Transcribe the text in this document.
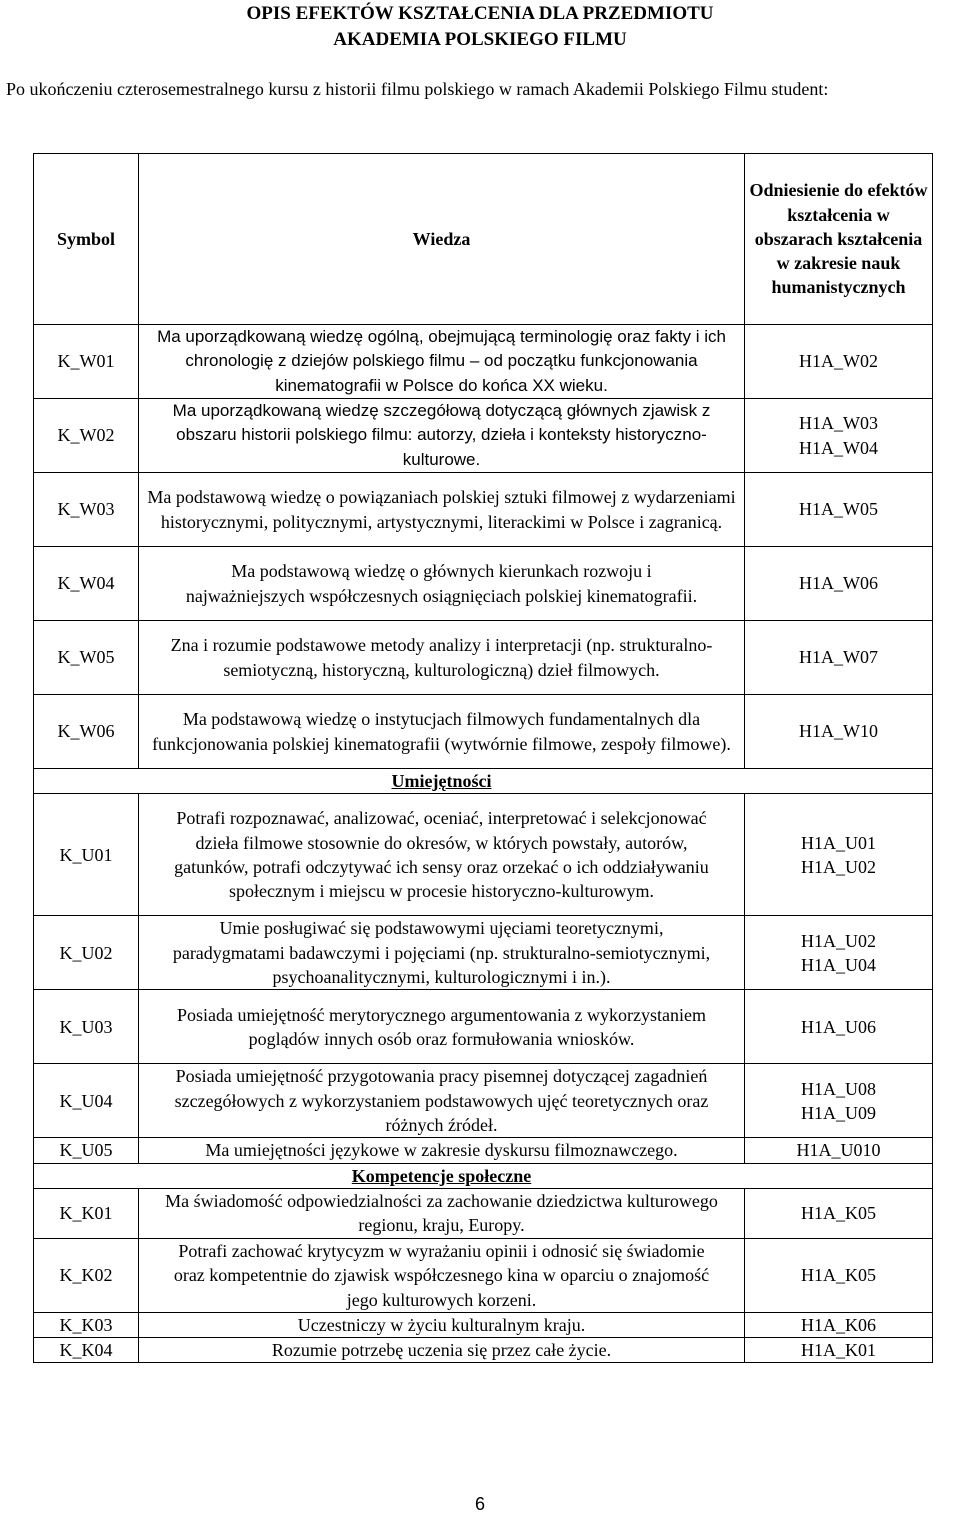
OPIS EFEKTÓW KSZTAŁCENIA DLA PRZEDMIOTU
AKADEMIA POLSKIEGO FILMU
Po ukończeniu czterosemestralnego kursu z historii filmu polskiego w ramach Akademii Polskiego Filmu student:
Symbol	Wiedza	Odniesienie do efektów kształcenia w obszarach kształcenia w zakresie nauk humanistycznych
K_W01	Ma uporządkowaną wiedzę ogólną, obejmującą terminologię oraz fakty i ich chronologię z dziejów polskiego filmu – od początku funkcjonowania kinematografii w Polsce do końca XX wieku.	H1A_W02
K_W02	Ma uporządkowaną wiedzę szczegółową dotyczącą głównych zjawisk z obszaru historii polskiego filmu: autorzy, dzieła i konteksty historyczno-kulturowe.	H1A_W03 H1A_W04

K_W03	Ma podstawową wiedzę o powiązaniach polskiej sztuki filmowej z wydarzeniami historycznymi, politycznymi, artystycznymi, literackimi w Polsce i zagranicą.	H1A_W05
K_W04	Ma podstawową wiedzę o głównych kierunkach rozwoju i najważniejszych współczesnych osiągnięciach polskiej kinematografii.	H1A_W06
K_W05	Zna i rozumie podstawowe metody analizy i interpretacji (np. strukturalno-semiotyczną, historyczną, kulturologiczną) dzieł filmowych.	H1A_W07
K_W06	Ma podstawową wiedzę o instytucjach filmowych fundamentalnych dla funkcjonowania polskiej kinematografii (wytwórnie filmowe, zespoły filmowe).	H1A_W10
	Umiejętności	
K_U01	Potrafi rozpoznawać, analizować, oceniać, interpretować i selekcjonować dzieła filmowe stosownie do okresów, w których powstały, autorów, gatunków, potrafi odczytywać ich sensy oraz orzekać o ich oddziaływaniu społecznym i miejscu w procesie historyczno-kulturowym.	H1A_U01 H1A_U02

K_U02	Umie posługiwać się podstawowymi ujęciami teoretycznymi, paradygmatami badawczymi i pojęciami (np. strukturalno-semiotycznymi, psychoanalitycznymi, kulturologicznymi i in.).	H1A_U02 H1A_U04

K_U03	Posiada umiejętność merytorycznego argumentowania z wykorzystaniem poglądów innych osób oraz formułowania wniosków.	H1A_U06
K_U04	Posiada umiejętność przygotowania pracy pisemnej dotyczącej zagadnień szczegółowych z wykorzystaniem podstawowych ujęć teoretycznych oraz różnych źródeł.	H1A_U08 H1A_U09

K_U05	Ma umiejętności językowe w zakresie dyskursu filmoznawczego.	H1A_U010
	Kompetencje społeczne	
K_K01	Ma świadomość odpowiedzialności za zachowanie dziedzictwa kulturowego regionu, kraju, Europy.	H1A_K05
K_K02	Potrafi zachować krytycyzm w wyrażaniu opinii i odnosić się świadomie oraz kompetentnie do zjawisk współczesnego kina w oparciu o znajomość jego kulturowych korzeni.	H1A_K05
K_K03	Uczestniczy w życiu kulturalnym kraju.	H1A_K06
K_K04	Rozumie potrzebę uczenia się przez całe życie.	H1A_K01
6
